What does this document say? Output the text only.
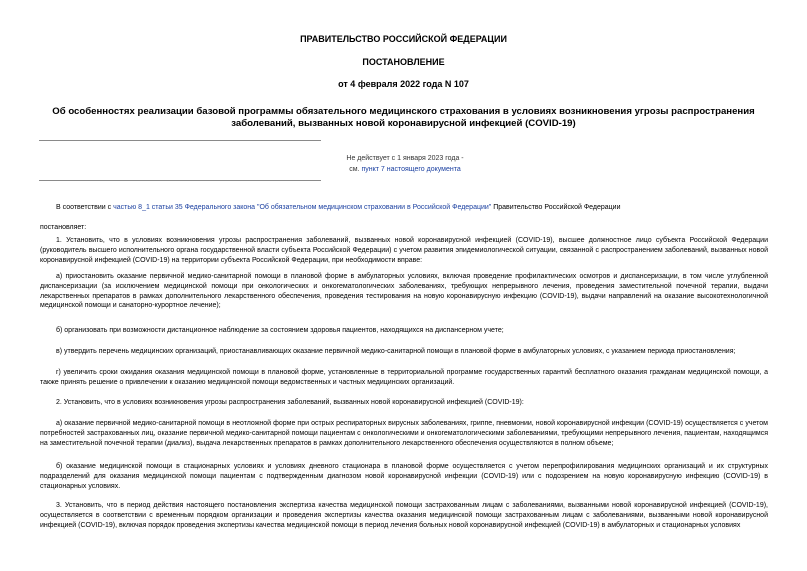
ПРАВИТЕЛЬСТВО РОССИЙСКОЙ ФЕДЕРАЦИИ
ПОСТАНОВЛЕНИЕ
от 4 февраля 2022 года N 107
Об особенностях реализации базовой программы обязательного медицинского страхования в условиях возникновения угрозы распространения заболеваний, вызванных новой коронавирусной инфекцией (COVID-19)
Не действует с 1 января 2023 года -
см. пункт 7 настоящего документа
В соответствии с частью 8_1 статьи 35 Федерального закона "Об обязательном медицинском страховании в Российской Федерации" Правительство Российской Федерации
постановляет:
1. Установить, что в условиях возникновения угрозы распространения заболеваний, вызванных новой коронавирусной инфекцией (COVID-19), высшее должностное лицо субъекта Российской Федерации (руководитель высшего исполнительного органа государственной власти субъекта Российской Федерации) с учетом развития эпидемиологической ситуации, связанной с распространением заболеваний, вызванных новой коронавирусной инфекцией (COVID-19) на территории субъекта Российской Федерации, при необходимости вправе:
а) приостановить оказание первичной медико-санитарной помощи в плановой форме в амбулаторных условиях, включая проведение профилактических осмотров и диспансеризации, в том числе углубленной диспансеризации (за исключением медицинской помощи при онкологических и онкогематологических заболеваниях, требующих непрерывного лечения, проведения заместительной почечной терапии, выдачи лекарственных препаратов в рамках дополнительного лекарственного обеспечения, проведения тестирования на новую коронавирусную инфекцию (COVID-19), выдачи направлений на оказание высокотехнологичной медицинской помощи и санаторно-курортное лечение);
б) организовать при возможности дистанционное наблюдение за состоянием здоровья пациентов, находящихся на диспансерном учете;
в) утвердить перечень медицинских организаций, приостанавливающих оказание первичной медико-санитарной помощи в плановой форме в амбулаторных условиях, с указанием периода приостановления;
г) увеличить сроки ожидания оказания медицинской помощи в плановой форме, установленные в территориальной программе государственных гарантий бесплатного оказания гражданам медицинской помощи, а также принять решение о привлечении к оказанию медицинской помощи ведомственных и частных медицинских организаций.
2. Установить, что в условиях возникновения угрозы распространения заболеваний, вызванных новой коронавирусной инфекцией (COVID-19):
а) оказание первичной медико-санитарной помощи в неотложной форме при острых респираторных вирусных заболеваниях, гриппе, пневмонии, новой коронавирусной инфекции (COVID-19) осуществляется с учетом потребностей застрахованных лиц, оказание первичной медико-санитарной помощи пациентам с онкологическими и онкогематологическими заболеваниями, требующими непрерывного лечения, пациентам, находящимся на заместительной почечной терапии (диализ), выдача лекарственных препаратов в рамках дополнительного лекарственного обеспечения осуществляются в полном объеме;
б) оказание медицинской помощи в стационарных условиях и условиях дневного стационара в плановой форме осуществляется с учетом перепрофилирования медицинских организаций и их структурных подразделений для оказания медицинской помощи пациентам с подтвержденным диагнозом новой коронавирусной инфекции (COVID-19) или с подозрением на новую коронавирусную инфекцию (COVID-19) в стационарных условиях.
3. Установить, что в период действия настоящего постановления экспертиза качества медицинской помощи застрахованным лицам с заболеваниями, вызванными новой коронавирусной инфекцией (COVID-19), осуществляется в соответствии с временным порядком организации и проведения экспертизы качества оказания медицинской помощи застрахованным лицам с заболеваниями, вызванными новой коронавирусной инфекцией (COVID-19), включая порядок проведения экспертизы качества медицинской помощи в период лечения больных новой коронавирусной инфекцией (COVID-19) в амбулаторных и стационарных условиях
